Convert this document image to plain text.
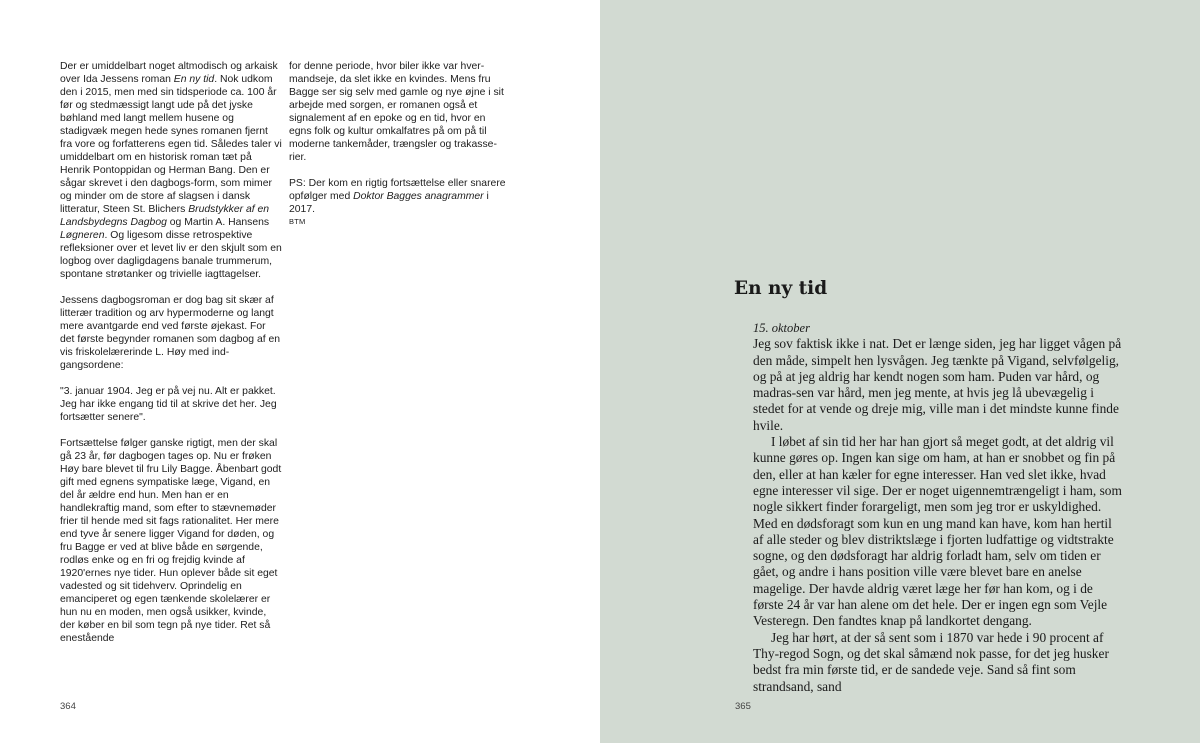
Der er umiddelbart noget altmodisch og arkaisk over Ida Jessens roman En ny tid. Nok udkom den i 2015, men med sin tidsperiode ca. 100 år før og stedmæssigt langt ude på det jyske bøhland med langt mellem husene og stadigvæk megen hede synes romanen fjernt fra vore og forfatterens egen tid. Således taler vi umiddelbart om en historisk roman tæt på Henrik Pontoppidan og Herman Bang. Den er sågar skrevet i den dagbogs-form, som mimer og minder om de store af slagsen i dansk litteratur, Steen St. Blichers Brudstykker af en Landsbydegns Dagbog og Martin A. Hansens Løgneren. Og ligesom disse retrospektive refleksioner over et levet liv er den skjult som en logbog over dagligdagens banale trummerum, spontane strøtanker og trivielle iagttagelser.

Jessens dagbogsroman er dog bag sit skær af litterær tradition og arv hypermoderne og langt mere avantgarde end ved første øjekast. For det første begynder romanen som dagbog af en vis friskolelærerinde L. Høy med ind-gangsordene:

"3. januar 1904. Jeg er på vej nu. Alt er pakket. Jeg har ikke engang tid til at skrive det her. Jeg fortsætter senere".

Fortsættelse følger ganske rigtigt, men der skal gå 23 år, før dagbogen tages op. Nu er frøken Høy bare blevet til fru Lily Bagge. Åbenbart godt gift med egnens sympatiske læge, Vigand, en del år ældre end hun. Men han er en handlekraftig mand, som efter to stævnemøder frier til hende med sit fags rationalitet. Her mere end tyve år senere ligger Vigand for døden, og fru Bagge er ved at blive både en sørgende, rodløs enke og en fri og frejdig kvinde af 1920'ernes nye tider. Hun oplever både sit eget vadested og sit tidehverv. Oprindelig en emanciperet og egen tænkende skolelærer er hun nu en moden, men også usikker, kvinde, der køber en bil som tegn på nye tider. Ret så enestående

for denne periode, hvor biler ikke var hver-mandseje, da slet ikke en kvindes. Mens fru Bagge ser sig selv med gamle og nye øjne i sit arbejde med sorgen, er romanen også et signalement af en epoke og en tid, hvor en egns folk og kultur omkalfatres på om på til moderne tankemåder, trængsler og trakasse-rier.

PS: Der kom en rigtig fortsættelse eller snarere opfølger med Doktor Bagges anagrammer i 2017.

BTM
364
En ny tid
15. oktober
Jeg sov faktisk ikke i nat. Det er længe siden, jeg har ligget vågen på den måde, simpelt hen lysvågen. Jeg tænkte på Vigand, selvfølgelig, og på at jeg aldrig har kendt nogen som ham. Puden var hård, og madras-sen var hård, men jeg mente, at hvis jeg lå ubevægelig i stedet for at vende og dreje mig, ville man i det mindste kunne finde hvile.
I løbet af sin tid her har han gjort så meget godt, at det aldrig vil kunne gøres op. Ingen kan sige om ham, at han er snobbet og fin på den, eller at han kæler for egne interesser. Han ved slet ikke, hvad egne interesser vil sige. Der er noget uigennemtrængeligt i ham, som nogle sikkert finder forargeligt, men som jeg tror er uskyldighed. Med en dødsforagt som kun en ung mand kan have, kom han hertil af alle steder og blev distriktslæge i fjorten ludfattige og vidtstrakte sogne, og den dødsforagt har aldrig forladt ham, selv om tiden er gået, og andre i hans position ville være blevet bare en anelse magelige. Der havde aldrig været læge her før han kom, og i de første 24 år var han alene om det hele. Der er ingen egn som Vejle Vesteregn. Den fandtes knap på landkortet dengang.
Jeg har hørt, at der så sent som i 1870 var hede i 90 procent af Thy-regod Sogn, og det skal såmænd nok passe, for det jeg husker bedst fra min første tid, er de sandede veje. Sand så fint som strandsand, sand
365
